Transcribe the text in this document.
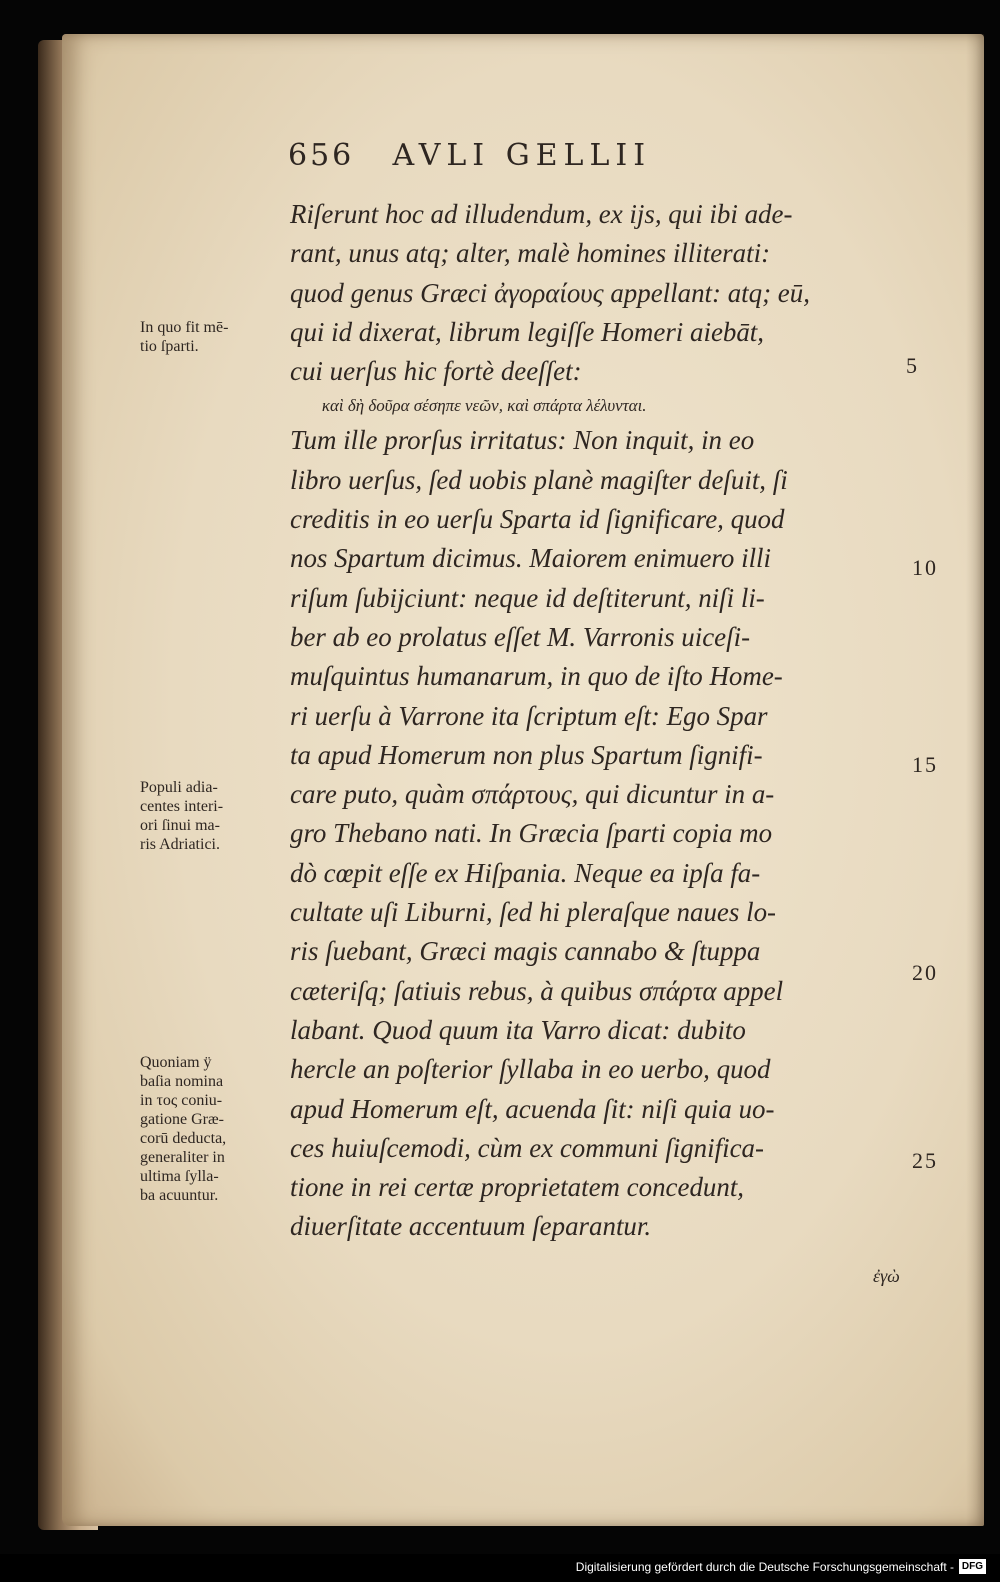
656 AVLI GELLII
Riſerunt hoc ad illudendum, ex ijs, qui ibi ade-
rant, unus atq; alter, malè homines illiterati:
quod genus Græci ἀγοραίους appellant: atq; eū,
qui id dixerat, librum legiſſe Homeri aiebāt,
cui uerſus hic fortè deeſſet:
καὶ δὴ δοῦρα σέσηπε νεῶν, καὶ σπάρτα λέλυνται.
Tum ille prorſus irritatus: Non inquit, in eo
libro uerſus, ſed uobis planè magiſter deſuit, ſi
creditis in eo uerſu Sparta id ſignificare, quod
nos Spartum dicimus. Maiorem enimuero illi
riſum ſubijciunt: neque id deſtiterunt, niſi li-
ber ab eo prolatus eſſet M. Varronis uiceſi-
muſquintus humanarum, in quo de iſto Home-
ri uerſu à Varrone ita ſcriptum eſt: Ego Spar
ta apud Homerum non plus Spartum ſignifi-
care puto, quàm σπάρτους, qui dicuntur in a-
gro Thebano nati. In Græcia ſparti copia mo
dò cœpit eſſe ex Hiſpania. Neque ea ipſa fa-
cultate uſi Liburni, ſed hi pleraſque naues lo-
ris ſuebant, Græci magis cannabo & ſtuppa
cæteriſq; ſatiuis rebus, à quibus σπάρτα appel
labant. Quod quum ita Varro dicat: dubito
hercle an poſterior ſyllaba in eo uerbo, quod
apud Homerum eſt, acuenda ſit: niſi quia uo-
ces huiuſcemodi, cùm ex communi ſignifica-
tione in rei certæ proprietatem concedunt,
diuerſitate accentuum ſeparantur.
5
10
15
20
25
In quo fit mē-
tio ſparti.
Populi adia-
centes interi-
ori ſinui ma-
ris Adriatici.
Quoniam ÿ
baſia nomina
in τος coniu-
gatione Græ-
corū deducta,
generaliter in
ultima ſylla-
ba acuuntur.
ἐγὼ
Digitalisierung gefördert durch die Deutsche Forschungsgemeinschaft - DFG
